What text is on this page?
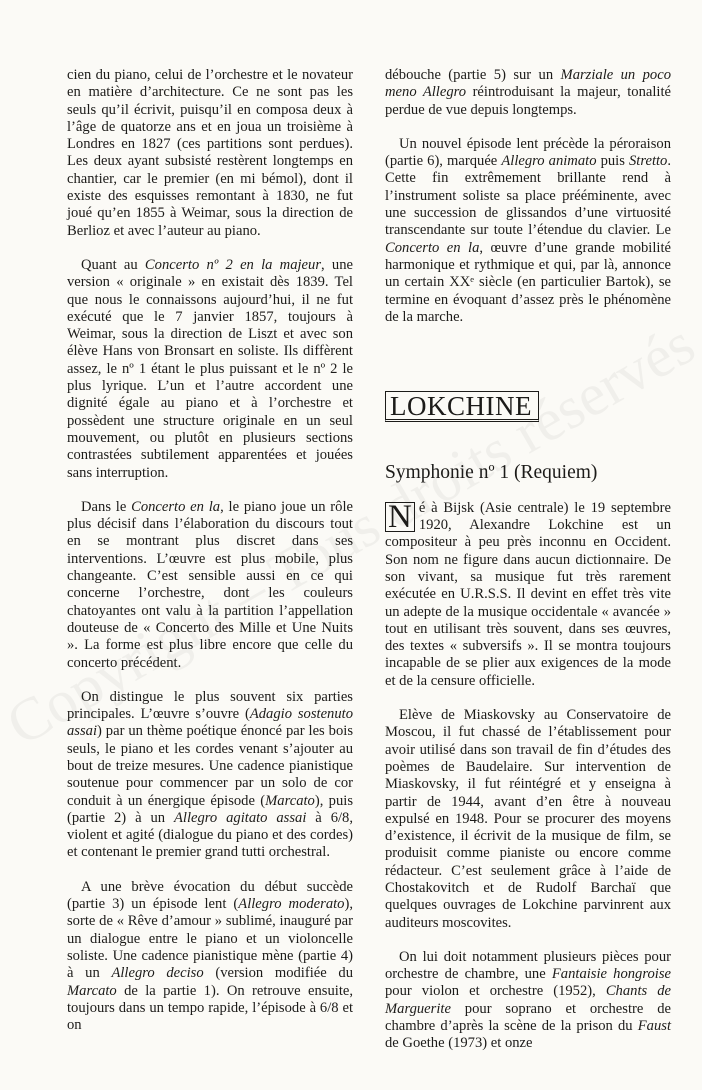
cien du piano, celui de l’orchestre et le novateur en matière d’architecture. Ce ne sont pas les seuls qu’il écrivit, puisqu’il en composa deux à l’âge de quatorze ans et en joua un troisième à Londres en 1827 (ces partitions sont perdues). Les deux ayant subsisté restèrent longtemps en chantier, car le premier (en mi bémol), dont il existe des esquisses remontant à 1830, ne fut joué qu’en 1855 à Weimar, sous la direction de Berlioz et avec l’auteur au piano.

Quant au Concerto nº 2 en la majeur, une version « originale » en existait dès 1839. Tel que nous le connaissons aujourd’hui, il ne fut exécuté que le 7 janvier 1857, toujours à Weimar, sous la direction de Liszt et avec son élève Hans von Bronsart en soliste. Ils diffèrent assez, le nº 1 étant le plus puissant et le nº 2 le plus lyrique. L’un et l’autre accordent une dignité égale au piano et à l’orchestre et possèdent une structure originale en un seul mouvement, ou plutôt en plusieurs sections contrastées subtilement apparentées et jouées sans interruption.

Dans le Concerto en la, le piano joue un rôle plus décisif dans l’élaboration du discours tout en se montrant plus discret dans ses interventions. L’œuvre est plus mobile, plus changeante. C’est sensible aussi en ce qui concerne l’orchestre, dont les couleurs chatoyantes ont valu à la partition l’appellation douteuse de « Concerto des Mille et Une Nuits ». La forme est plus libre encore que celle du concerto précédent.

On distingue le plus souvent six parties principales. L’œuvre s’ouvre (Adagio sostenuto assai) par un thème poétique énoncé par les bois seuls, le piano et les cordes venant s’ajouter au bout de treize mesures. Une cadence pianistique soutenue pour commencer par un solo de cor conduit à un énergique épisode (Marcato), puis (partie 2) à un Allegro agitato assai à 6/8, violent et agité (dialogue du piano et des cordes) et contenant le premier grand tutti orchestral.

A une brève évocation du début succède (partie 3) un épisode lent (Allegro moderato), sorte de « Rêve d’amour » sublimé, inauguré par un dialogue entre le piano et un violoncelle soliste. Une cadence pianistique mène (partie 4) à un Allegro deciso (version modifiée du Marcato de la partie 1). On retrouve ensuite, toujours dans un tempo rapide, l’épisode à 6/8 et on

débouche (partie 5) sur un Marziale un poco meno Allegro réintroduisant la majeur, tonalité perdue de vue depuis longtemps.

Un nouvel épisode lent précède la péroraison (partie 6), marquée Allegro animato puis Stretto. Cette fin extrêmement brillante rend à l’instrument soliste sa place prééminente, avec une succession de glissandos d’une virtuosité transcendante sur toute l’étendue du clavier. Le Concerto en la, œuvre d’une grande mobilité harmonique et rythmique et qui, par là, annonce un certain XXᵉ siècle (en particulier Bartok), se termine en évoquant d’assez près le phénomène de la marche.

LOKCHINE
Symphonie nº 1 (Requiem)
N é à Bijsk (Asie centrale) le 19 septembre 1920, Alexandre Lokchine est un compositeur à peu près inconnu en Occident. Son nom ne figure dans aucun dictionnaire. De son vivant, sa musique fut très rarement exécutée en U.R.S.S. Il devint en effet très vite un adepte de la musique occidentale « avancée » tout en utilisant très souvent, dans ses œuvres, des textes « subversifs ». Il se montra toujours incapable de se plier aux exigences de la mode et de la censure officielle.

Elève de Miaskovsky au Conservatoire de Moscou, il fut chassé de l’établissement pour avoir utilisé dans son travail de fin d’études des poèmes de Baudelaire. Sur intervention de Miaskovsky, il fut réintégré et y enseigna à partir de 1944, avant d’en être à nouveau expulsé en 1948. Pour se procurer des moyens d’existence, il écrivit de la musique de film, se produisit comme pianiste ou encore comme rédacteur. C’est seulement grâce à l’aide de Chostakovitch et de Rudolf Barchaï que quelques ouvrages de Lokchine parvinrent aux auditeurs moscovites.

On lui doit notamment plusieurs pièces pour orchestre de chambre, une Fantaisie hongroise pour violon et orchestre (1952), Chants de Marguerite pour soprano et orchestre de chambre d’après la scène de la prison du Faust de Goethe (1973) et onze
